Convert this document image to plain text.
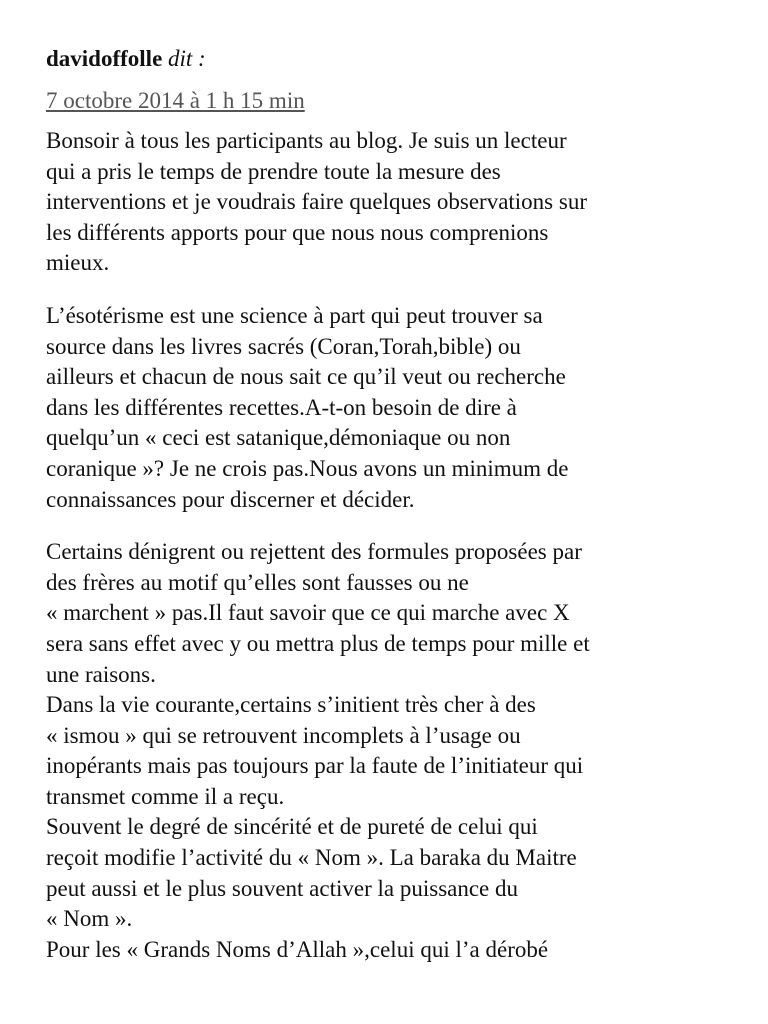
davidoffolle dit :
7 octobre 2014 à 1 h 15 min

Bonsoir à tous les participants au blog. Je suis un lecteur
qui a pris le temps de prendre toute la mesure des
interventions et je voudrais faire quelques observations sur
les différents apports pour que nous nous comprenions
mieux.

L’ésotérisme est une science à part qui peut trouver sa
source dans les livres sacrés (Coran,Torah,bible) ou
ailleurs et chacun de nous sait ce qu’il veut ou recherche
dans les différentes recettes.A-t-on besoin de dire à
quelqu’un « ceci est satanique,démoniaque ou non
coranique »? Je ne crois pas.Nous avons un minimum de
connaissances pour discerner et décider.

Certains dénigrent ou rejettent des formules proposées par
des frères au motif qu’elles sont fausses ou ne
« marchent » pas.Il faut savoir que ce qui marche avec X
sera sans effet avec y ou mettra plus de temps pour mille et
une raisons.
Dans la vie courante,certains s’initient très cher à des
« ismou » qui se retrouvent incomplets à l’usage ou
inopérants mais pas toujours par la faute de l’initiateur qui
transmet comme il a reçu.
Souvent le degré de sincérité et de pureté de celui qui
reçoit modifie l’activité du « Nom ». La baraka du Maitre
peut aussi et le plus souvent activer la puissance du
« Nom ».
Pour les « Grands Noms d’Allah »,celui qui l’a dérobé
